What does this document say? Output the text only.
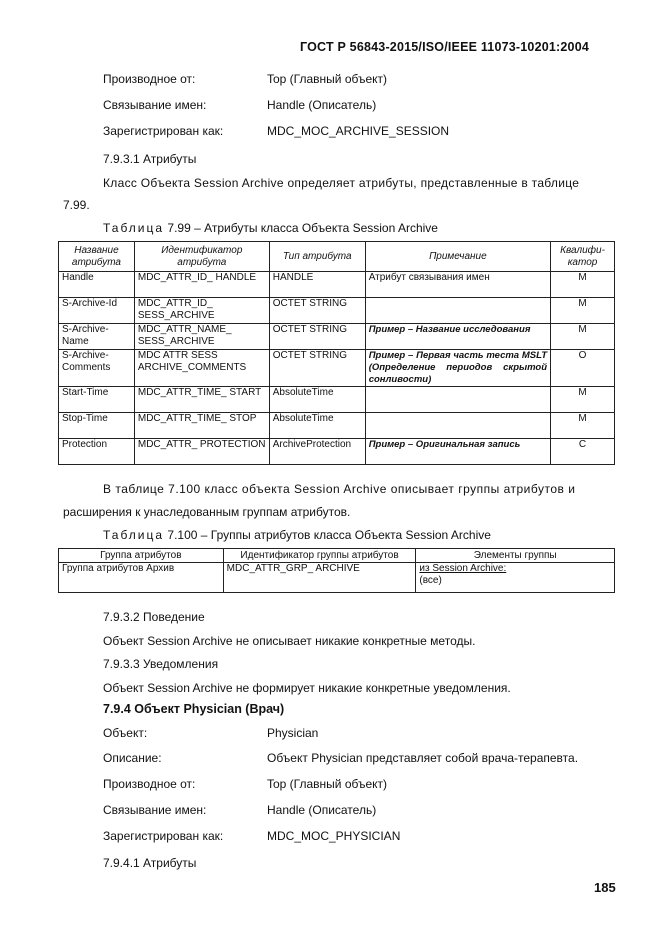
ГОСТ Р 56843-2015/ISO/IEEE 11073-10201:2004
Производное от:	Top (Главный объект)
Связывание имен:	Handle (Описатель)
Зарегистрирован как:	MDC_MOC_ARCHIVE_SESSION
7.9.3.1 Атрибуты
Класс Объекта Session Archive определяет атрибуты, представленные в таблице
7.99.
Таблица 7.99 – Атрибуты класса Объекта Session Archive
Название атрибута	Идентификатор атрибута	Тип атрибута	Примечание	Квалифи-катор
Handle	MDC_ATTR_ID_ HANDLE	HANDLE	Атрибут связывания имен	M
S-Archive-Id	MDC_ATTR_ID_ SESS_ARCHIVE	OCTET STRING		M
S-Archive-Name	MDC_ATTR_NAME_ SESS_ARCHIVE	OCTET STRING	Пример – Название исследования	M
S-Archive-Comments	MDC ATTR SESS ARCHIVE_COMMENTS	OCTET STRING	Пример – Первая часть теста MSLT (Определение периодов скрытой сонливости)	O
Start-Time	MDC_ATTR_TIME_ START	AbsoluteTime		M
Stop-Time	MDC_ATTR_TIME_ STOP	AbsoluteTime		M
Protection	MDC_ATTR_ PROTECTION	ArchiveProtection	Пример – Оригинальная запись	C
В таблице 7.100 класс объекта Session Archive описывает группы атрибутов и
расширения к унаследованным группам атрибутов.
Таблица 7.100 – Группы атрибутов класса Объекта Session Archive
Группа атрибутов	Идентификатор группы атрибутов	Элементы группы
Группа атрибутов Архив	MDC_ATTR_GRP_ ARCHIVE	из Session Archive:
(все)
7.9.3.2 Поведение
Объект Session Archive не описывает никакие конкретные методы.
7.9.3.3 Уведомления
Объект Session Archive не формирует никакие конкретные уведомления.
7.9.4 Объект Physician (Врач)
Объект:	Physician
Описание:	Объект Physician представляет собой врача-терапевта.
Производное от:	Top (Главный объект)
Связывание имен:	Handle (Описатель)
Зарегистрирован как:	MDC_MOC_PHYSICIAN
7.9.4.1 Атрибуты
185
